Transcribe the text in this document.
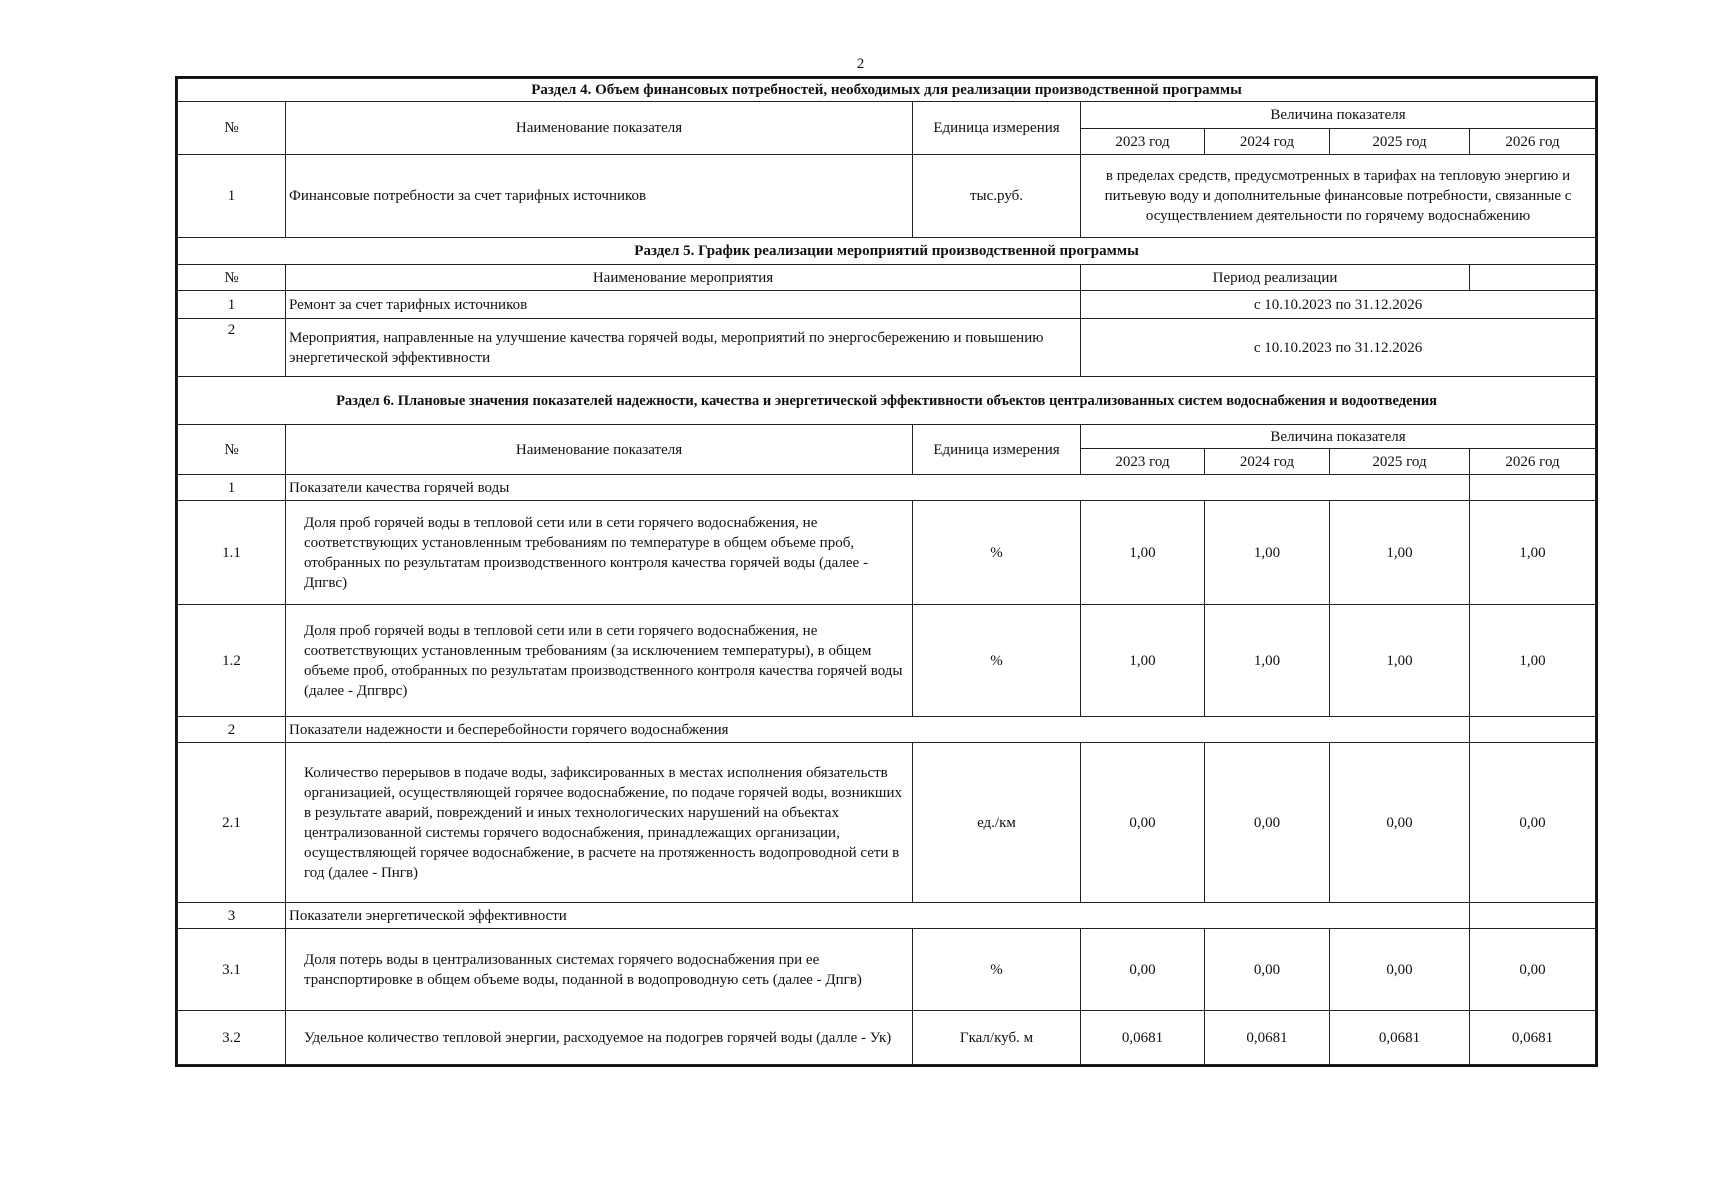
2
Раздел 4. Объем финансовых потребностей, необходимых для реализации производственной программы						
№	Наименование показателя	Единица измерения	Величина показателя			
			2023 год	2024 год	2025 год	2026 год
1	Финансовые потребности за счет тарифных источников	тыс.руб.	в пределах средств, предусмотренных в тарифах на тепловую энергию и питьевую воду и дополнительные финансовые потребности, связанные с осуществлением деятельности по горячему водоснабжению			
Раздел 5. График реализации мероприятий производственной программы						
№	Наименование мероприятия		Период реализации			
1	Ремонт за счет тарифных источников		с 10.10.2023 по 31.12.2026			
2	Мероприятия, направленные на улучшение качества горячей воды, мероприятий по энергосбережению и повышению энергетической эффективности		с 10.10.2023 по 31.12.2026			
Раздел 6. Плановые значения показателей надежности, качества и энергетической эффективности объектов централизованных систем водоснабжения и водоотведения						
№	Наименование показателя	Единица измерения	Величина показателя			
			2023 год	2024 год	2025 год	2026 год
1	Показатели качества горячей воды					
1.1	Доля проб горячей воды в тепловой сети или в сети горячего водоснабжения, не соответствующих установленным требованиям по температуре в общем объеме проб, отобранных по результатам производственного контроля качества горячей воды (далее - Дпгвс)	%	1,00	1,00	1,00	1,00
1.2	Доля проб горячей воды в тепловой сети или в сети горячего водоснабжения, не соответствующих установленным требованиям (за исключением температуры), в общем объеме проб, отобранных по результатам производственного контроля качества горячей воды (далее - Дпгврс)	%	1,00	1,00	1,00	1,00
2	Показатели надежности и бесперебойности горячего водоснабжения					
2.1	Количество перерывов в подаче воды, зафиксированных в местах исполнения обязательств организацией, осуществляющей горячее водоснабжение, по подаче горячей воды, возникших в результате аварий, повреждений и иных технологических нарушений на объектах централизованной системы горячего водоснабжения, принадлежащих организации, осуществляющей горячее водоснабжение, в расчете на протяженность водопроводной сети в год (далее - Пнгв)	ед./км	0,00	0,00	0,00	0,00
3	Показатели энергетической эффективности					
3.1	Доля потерь воды в централизованных системах горячего водоснабжения при ее транспортировке в общем объеме воды, поданной в водопроводную сеть (далее - Дпгв)	%	0,00	0,00	0,00	0,00
3.2	Удельное количество тепловой энергии, расходуемое на подогрев горячей воды (далле - Ук)	Гкал/куб. м	0,0681	0,0681	0,0681	0,0681
